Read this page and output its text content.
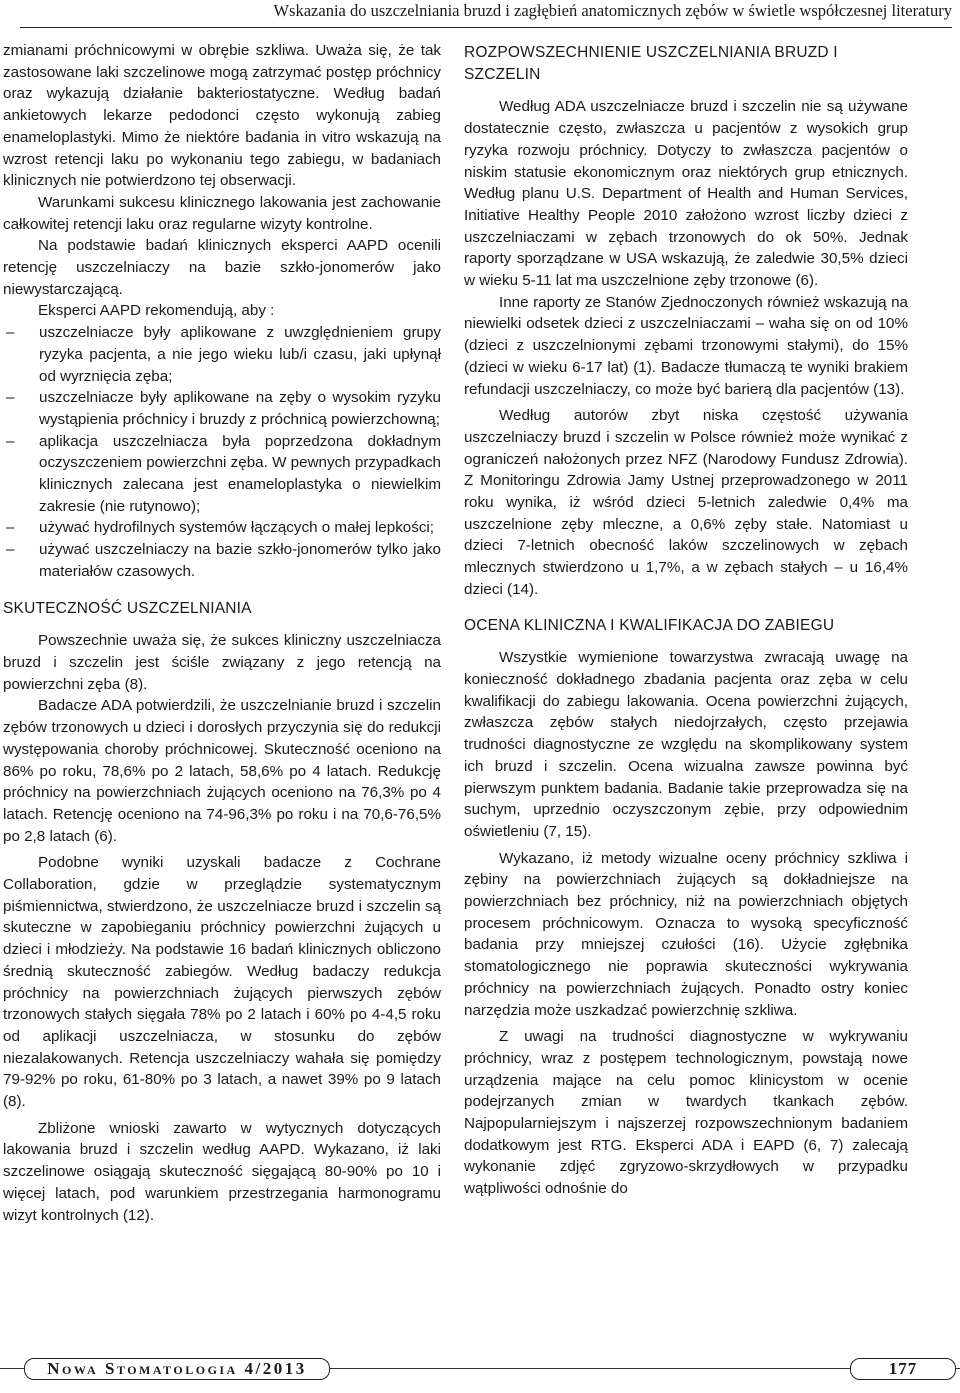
Wskazania do uszczelniania bruzd i zagłębień anatomicznych zębów w świetle współczesnej literatury

zmianami próchnicowymi w obrębie szkliwa. Uważa się, że tak zastosowane laki szczelinowe mogą zatrzymać postęp próchnicy oraz wykazują działanie bakteriostatyczne. Według badań ankietowych lekarze pedodonci często wykonują zabieg enameloplastyki. Mimo że niektóre badania in vitro wskazują na wzrost retencji laku po wykonaniu tego zabiegu, w badaniach klinicznych nie potwierdzono tej obserwacji.

Warunkami sukcesu klinicznego lakowania jest zachowanie całkowitej retencji laku oraz regularne wizyty kontrolne.

Na podstawie badań klinicznych eksperci AAPD ocenili retencję uszczelniaczy na bazie szkło-jonomerów jako niewystarczającą.

Eksperci AAPD rekomendują, aby :

– uszczelniacze były aplikowane z uwzględnieniem grupy ryzyka pacjenta, a nie jego wieku lub/i czasu, jaki upłynął od wyrznięcia zęba;
– uszczelniacze były aplikowane na zęby o wysokim ryzyku wystąpienia próchnicy i bruzdy z próchnicą powierzchowną;
– aplikacja uszczelniacza była poprzedzona dokładnym oczyszczeniem powierzchni zęba. W pewnych przypadkach klinicznych zalecana jest enameloplastyka o niewielkim zakresie (nie rutynowo);
– używać hydrofilnych systemów łączących o małej lepkości;
– używać uszczelniaczy na bazie szkło-jonomerów tylko jako materiałów czasowych.
SKUTECZNOŚĆ USZCZELNIANIA

Powszechnie uważa się, że sukces kliniczny uszczelniacza bruzd i szczelin jest ściśle związany z jego retencją na powierzchni zęba (8).

Badacze ADA potwierdzili, że uszczelnianie bruzd i szczelin zębów trzonowych u dzieci i dorosłych przyczynia się do redukcji występowania choroby próchnicowej. Skuteczność oceniono na 86% po roku, 78,6% po 2 latach, 58,6% po 4 latach. Redukcję próchnicy na powierzchniach żujących oceniono na 76,3% po 4 latach. Retencję oceniono na 74-96,3% po roku i na 70,6-76,5% po 2,8 latach (6).

Podobne wyniki uzyskali badacze z Cochrane Collaboration, gdzie w przeglądzie systematycznym piśmiennictwa, stwierdzono, że uszczelniacze bruzd i szczelin są skuteczne w zapobieganiu próchnicy powierzchni żujących u dzieci i młodzieży. Na podstawie 16 badań klinicznych obliczono średnią skuteczność zabiegów. Według badaczy redukcja próchnicy na powierzchniach żujących pierwszych zębów trzonowych stałych sięgała 78% po 2 latach i 60% po 4-4,5 roku od aplikacji uszczelniacza, w stosunku do zębów niezalakowanych. Retencja uszczelniaczy wahała się pomiędzy 79-92% po roku, 61-80% po 3 latach, a nawet 39% po 9 latach (8).

Zbliżone wnioski zawarto w wytycznych dotyczących lakowania bruzd i szczelin według AAPD. Wykazano, iż laki szczelinowe osiągają skuteczność sięgającą 80-90% po 10 i więcej latach, pod warunkiem przestrzegania harmonogramu wizyt kontrolnych (12).

ROZPOWSZECHNIENIE USZCZELNIANIA BRUZD I SZCZELIN

Według ADA uszczelniacze bruzd i szczelin nie są używane dostatecznie często, zwłaszcza u pacjentów z wysokich grup ryzyka rozwoju próchnicy. Dotyczy to zwłaszcza pacjentów o niskim statusie ekonomicznym oraz niektórych grup etnicznych. Według planu U.S. Department of Health and Human Services, Initiative Healthy People 2010 założono wzrost liczby dzieci z uszczelniaczami w zębach trzonowych do ok 50%. Jednak raporty sporządzane w USA wskazują, że zaledwie 30,5% dzieci w wieku 5-11 lat ma uszczelnione zęby trzonowe (6).

Inne raporty ze Stanów Zjednoczonych również wskazują na niewielki odsetek dzieci z uszczelniaczami – waha się on od 10% (dzieci z uszczelnionymi zębami trzonowymi stałymi), do 15% (dzieci w wieku 6-17 lat) (1). Badacze tłumaczą te wyniki brakiem refundacji uszczelniaczy, co może być barierą dla pacjentów (13).

Według autorów zbyt niska częstość używania uszczelniaczy bruzd i szczelin w Polsce również może wynikać z ograniczeń nałożonych przez NFZ (Narodowy Fundusz Zdrowia). Z Monitoringu Zdrowia Jamy Ustnej przeprowadzonego w 2011 roku wynika, iż wśród dzieci 5-letnich zaledwie 0,4% ma uszczelnione zęby mleczne, a 0,6% zęby stałe. Natomiast u dzieci 7-letnich obecność laków szczelinowych w zębach mlecznych stwierdzono u 1,7%, a w zębach stałych – u 16,4% dzieci (14).

OCENA KLINICZNA I KWALIFIKACJA DO ZABIEGU

Wszystkie wymienione towarzystwa zwracają uwagę na konieczność dokładnego zbadania pacjenta oraz zęba w celu kwalifikacji do zabiegu lakowania. Ocena powierzchni żujących, zwłaszcza zębów stałych niedojrzałych, często przejawia trudności diagnostyczne ze względu na skomplikowany system ich bruzd i szczelin. Ocena wizualna zawsze powinna być pierwszym punktem badania. Badanie takie przeprowadza się na suchym, uprzednio oczyszczonym zębie, przy odpowiednim oświetleniu (7, 15).

Wykazano, iż metody wizualne oceny próchnicy szkliwa i zębiny na powierzchniach żujących są dokładniejsze na powierzchniach bez próchnicy, niż na powierzchniach objętych procesem próchnicowym. Oznacza to wysoką specyficzność badania przy mniejszej czułości (16). Użycie zgłębnika stomatologicznego nie poprawia skuteczności wykrywania próchnicy na powierzchniach żujących. Ponadto ostry koniec narzędzia może uszkadzać powierzchnię szkliwa.

Z uwagi na trudności diagnostyczne w wykrywaniu próchnicy, wraz z postępem technologicznym, powstają nowe urządzenia mające na celu pomoc klinicystom w ocenie podejrzanych zmian w twardych tkankach zębów. Najpopularniejszym i najszerzej rozpowszechnionym badaniem dodatkowym jest RTG. Eksperci ADA i EAPD (6, 7) zalecają wykonanie zdjęć zgryzowo-skrzydłowych w przypadku wątpliwości odnośnie do

Nowa Stomatologia 4/2013	177
